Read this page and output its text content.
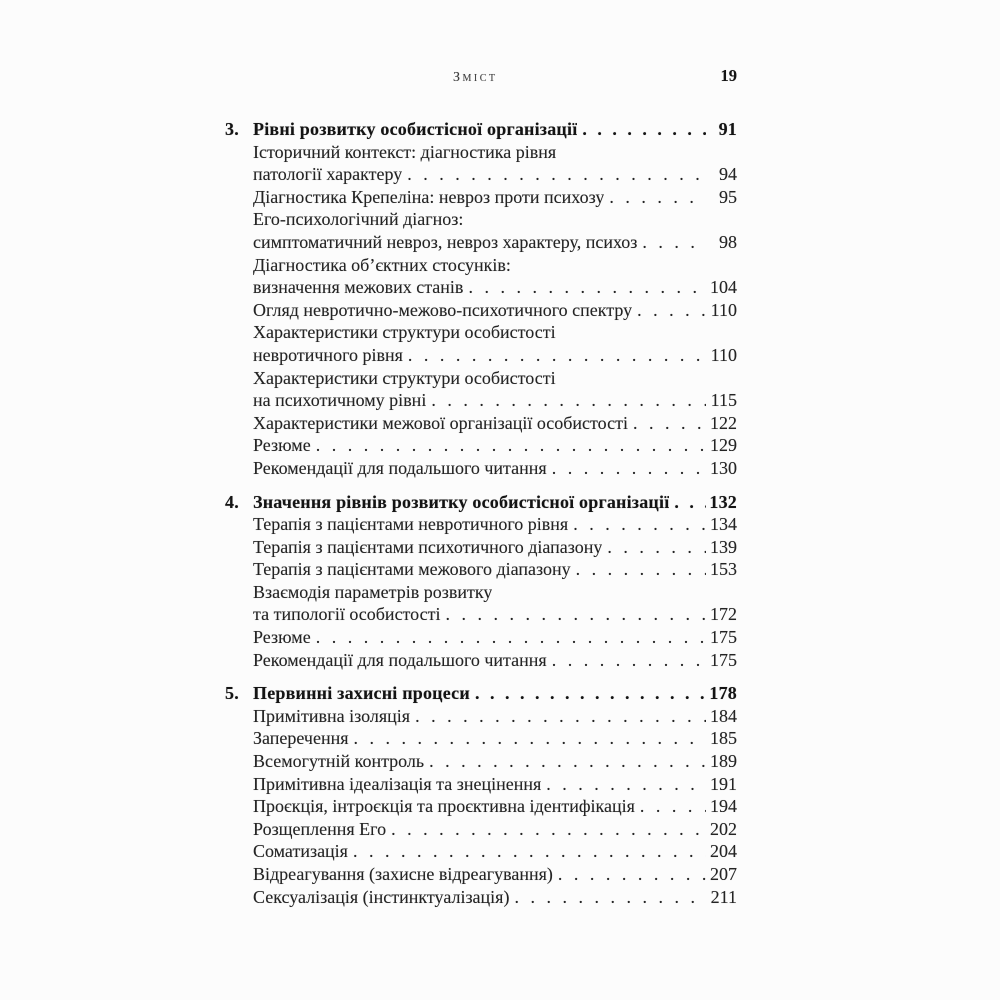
Зміст	19
3. Рівні розвитку особистісної організації . . .	91
Історичний контекст: діагностика рівня
патології характеру . . .	94
Діагностика Крепеліна: невроз проти психозу . . .	95
Его-психологічний діагноз:
симптоматичний невроз, невроз характеру, психоз . . .	98
Діагностика об’єктних стосунків:
визначення межових станів . . .	104
Огляд невротично-межово-психотичного спектру . . .	110
Характеристики структури особистості
невротичного рівня . . .	110
Характеристики структури особистості
на психотичному рівні . . .	115
Характеристики межової організації особистості . . .	122
Резюме . . .	129
Рекомендації для подальшого читання . . .	130
4. Значення рівнів розвитку особистісної організації . . . 132
Терапія з пацієнтами невротичного рівня . . .	134
Терапія з пацієнтами психотичного діапазону . . .	139
Терапія з пацієнтами межового діапазону . . .	153
Взаємодія параметрів розвитку
та типології особистості . . .	172
Резюме . . .	175
Рекомендації для подальшого читання . . .	175
5. Первинні захисні процеси . . .	178
Примітивна ізоляція . . .	184
Заперечення . . .	185
Всемогутній контроль . . .	189
Примітивна ідеалізація та знецінення . . .	191
Проєкція, інтроєкція та проєктивна ідентифікація . . .	194
Розщеплення Его . . .	202
Соматизація . . .	204
Відреагування (захисне відреагування) . . .	207
Сексуалізація (інстинктуалізація) . . .	211
